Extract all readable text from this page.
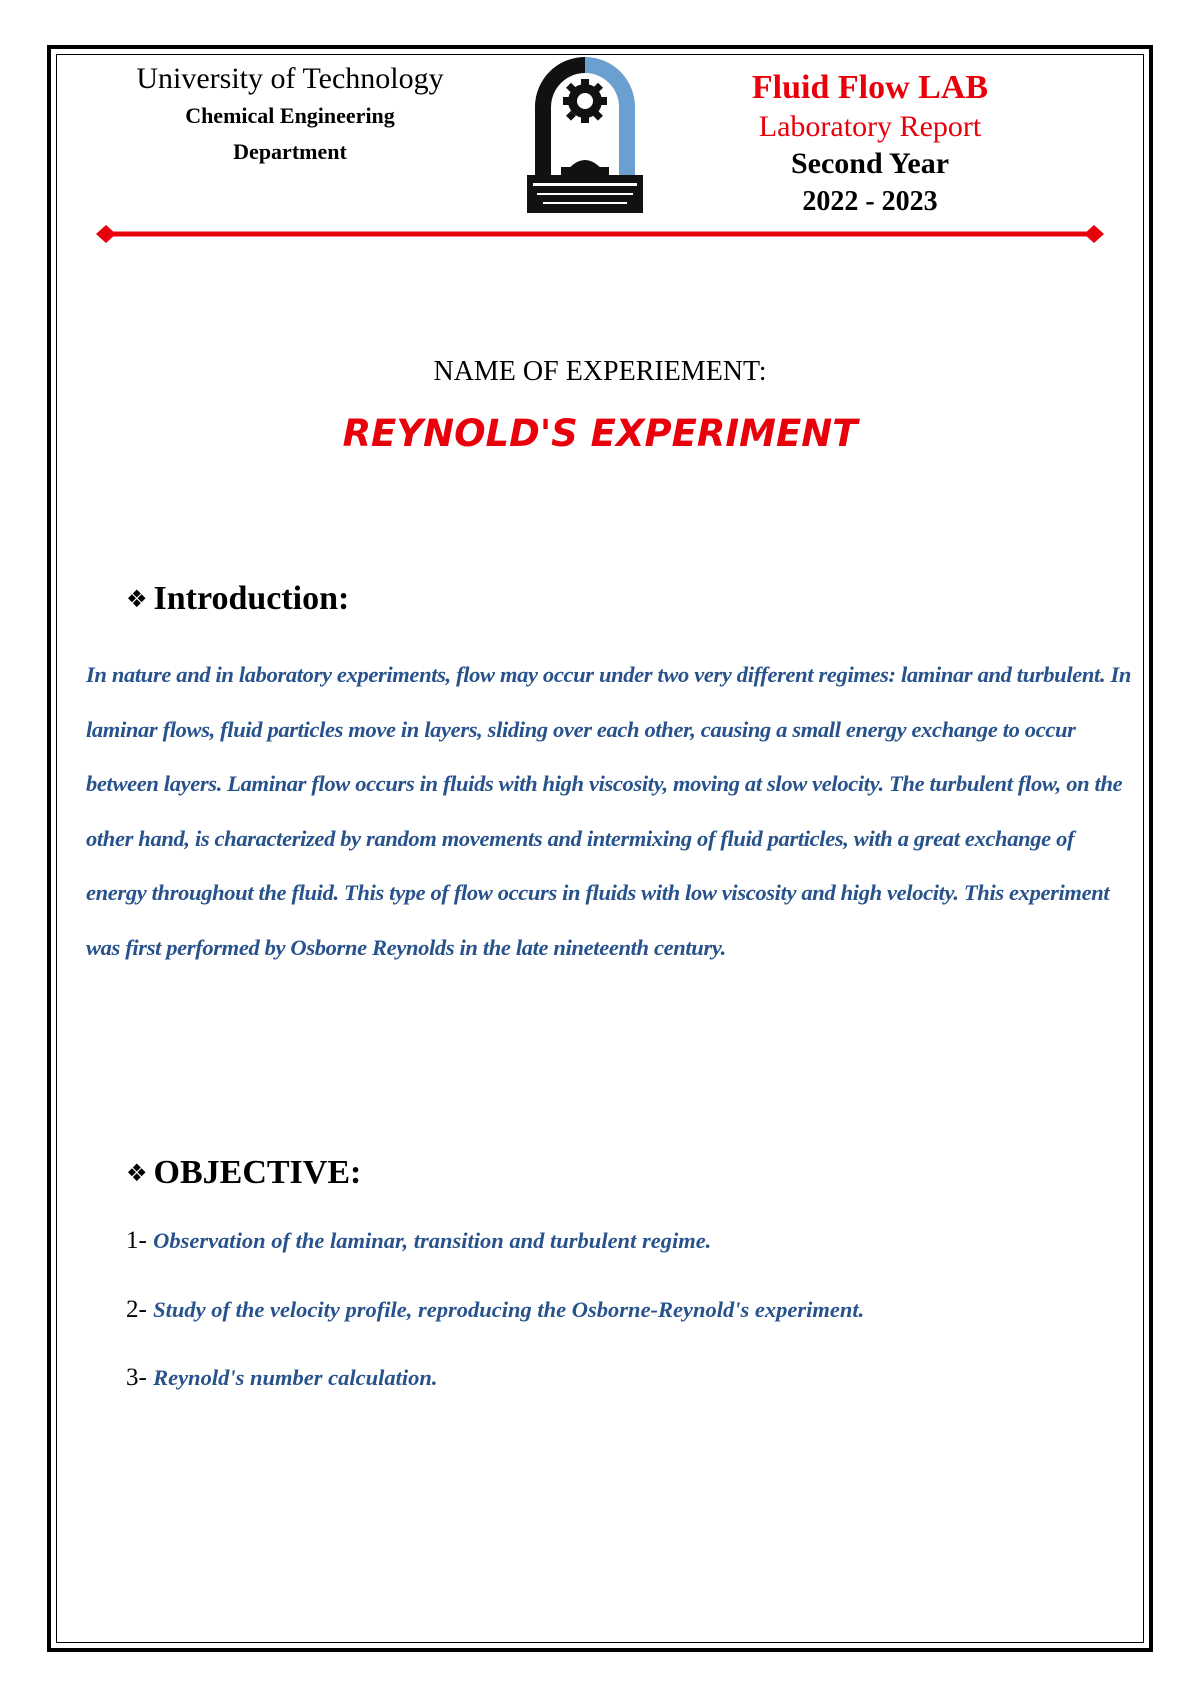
University of Technology
Chemical Engineering
Department
Fluid Flow LAB
Laboratory Report
Second Year
2022 - 2023
NAME OF EXPERIEMENT:
REYNOLD'S EXPERIMENT
❖ Introduction:
In nature and in laboratory experiments, flow may occur under two very different regimes: laminar and turbulent. In laminar flows, fluid particles move in layers, sliding over each other, causing a small energy exchange to occur between layers. Laminar flow occurs in fluids with high viscosity, moving at slow velocity. The turbulent flow, on the other hand, is characterized by random movements and intermixing of fluid particles, with a great exchange of energy throughout the fluid. This type of flow occurs in fluids with low viscosity and high velocity. This experiment was first performed by Osborne Reynolds in the late nineteenth century.
❖ OBJECTIVE:
1- Observation of the laminar, transition and turbulent regime.
2- Study of the velocity profile, reproducing the Osborne-Reynold's experiment.
3- Reynold's number calculation.
